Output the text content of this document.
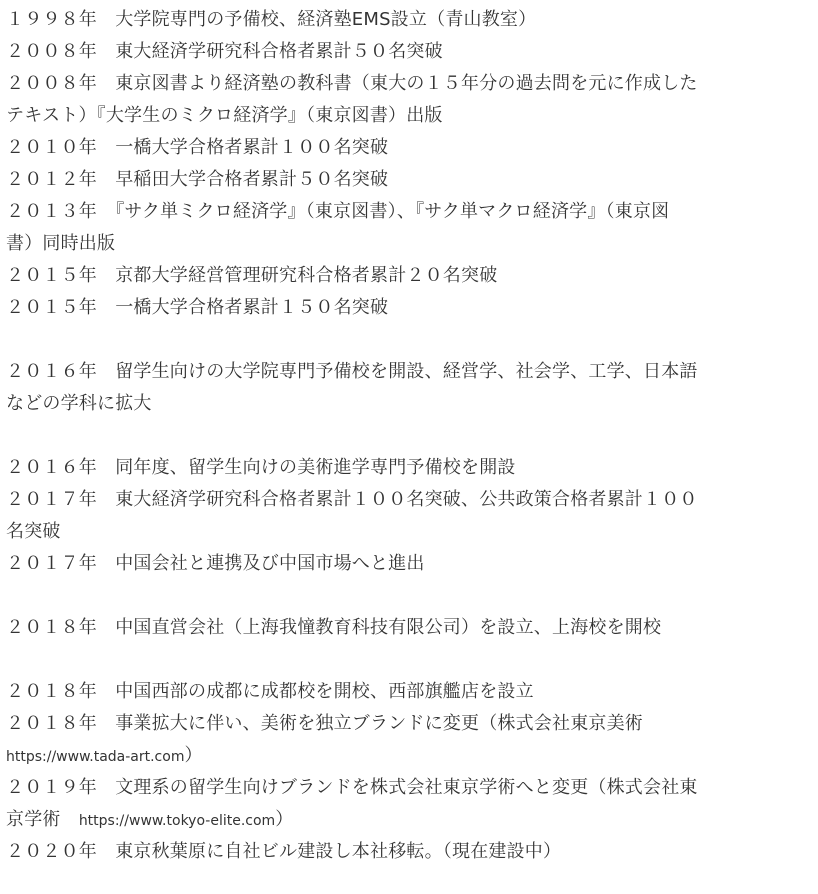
１９９８年　大学院専門の予備校、経済塾EMS設立（青山教室）
２００８年　東大経済学研究科合格者累計５０名突破
２００８年　東京図書より経済塾の教科書（東大の１５年分の過去問を元に作成した
テキスト）『大学生のミクロ経済学』（東京図書）出版
２０１０年　一橋大学合格者累計１００名突破
２０１２年　早稲田大学合格者累計５０名突破
２０１３年　『サク単ミクロ経済学』（東京図書）、『サク単マクロ経済学』（東京図
書）同時出版
２０１５年　京都大学経営管理研究科合格者累計２０名突破
２０１５年　一橋大学合格者累計１５０名突破
２０１６年　留学生向けの大学院専門予備校を開設、経営学、社会学、工学、日本語
などの学科に拡大
２０１６年　同年度、留学生向けの美術進学専門予備校を開設
２０１７年　東大経済学研究科合格者累計１００名突破、公共政策合格者累計１００
名突破
２０１７年　中国会社と連携及び中国市場へと進出
２０１８年　中国直営会社（上海我憧教育科技有限公司）を設立、上海校を開校
２０１８年　中国西部の成都に成都校を開校、西部旗艦店を設立
２０１８年　事業拡大に伴い、美術を独立ブランドに変更（株式会社東京美術
https://www.tada-art.com）
２０１９年　文理系の留学生向けブランドを株式会社東京学術へと変更（株式会社東
京学術　https://www.tokyo-elite.com）
２０２０年　東京秋葉原に自社ビル建設し本社移転。（現在建設中）
